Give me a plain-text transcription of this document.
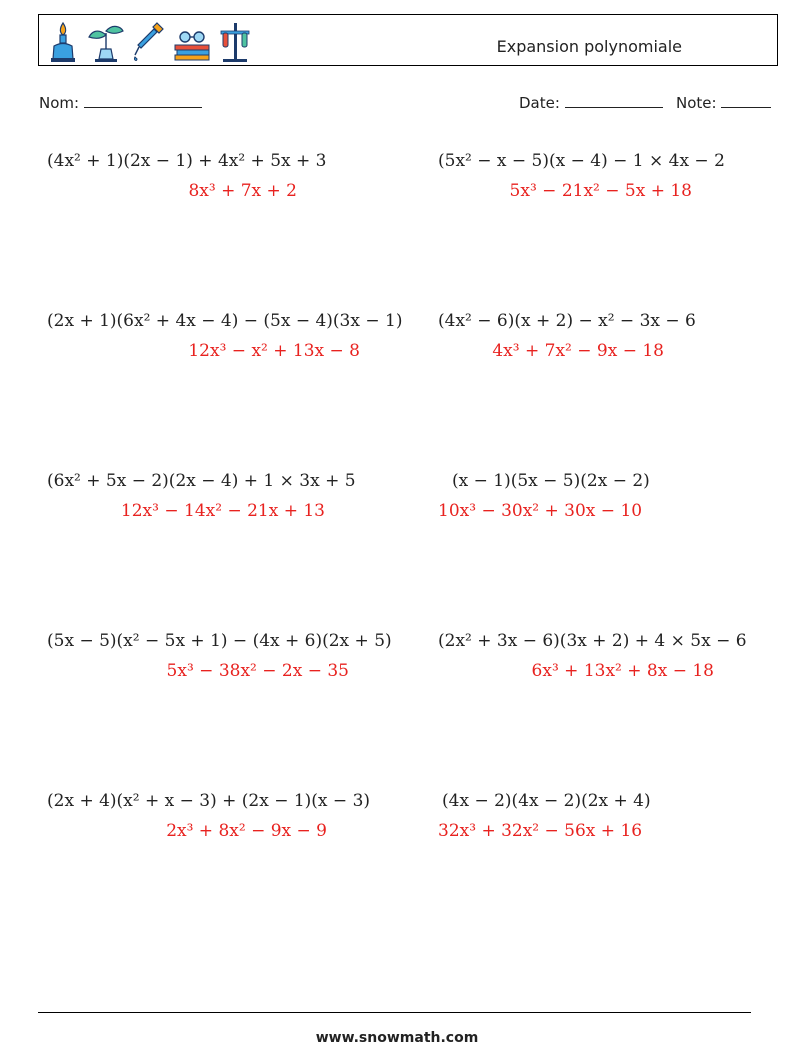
Expansion polynomiale
Nom:	Date:	Note:
(4x² + 1)(2x − 1) + 4x² + 5x + 3
8x³ + 7x + 2
(5x² − x − 5)(x − 4) − 1 × 4x − 2
5x³ − 21x² − 5x + 18
(2x + 1)(6x² + 4x − 4) − (5x − 4)(3x − 1)
12x³ − x² + 13x − 8
(4x² − 6)(x + 2) − x² − 3x − 6
4x³ + 7x² − 9x − 18
(6x² + 5x − 2)(2x − 4) + 1 × 3x + 5
12x³ − 14x² − 21x + 13
(x − 1)(5x − 5)(2x − 2)
10x³ − 30x² + 30x − 10
(5x − 5)(x² − 5x + 1) − (4x + 6)(2x + 5)
5x³ − 38x² − 2x − 35
(2x² + 3x − 6)(3x + 2) + 4 × 5x − 6
6x³ + 13x² + 8x − 18
(2x + 4)(x² + x − 3) + (2x − 1)(x − 3)
2x³ + 8x² − 9x − 9
(4x − 2)(4x − 2)(2x + 4)
32x³ + 32x² − 56x + 16
www.snowmath.com
